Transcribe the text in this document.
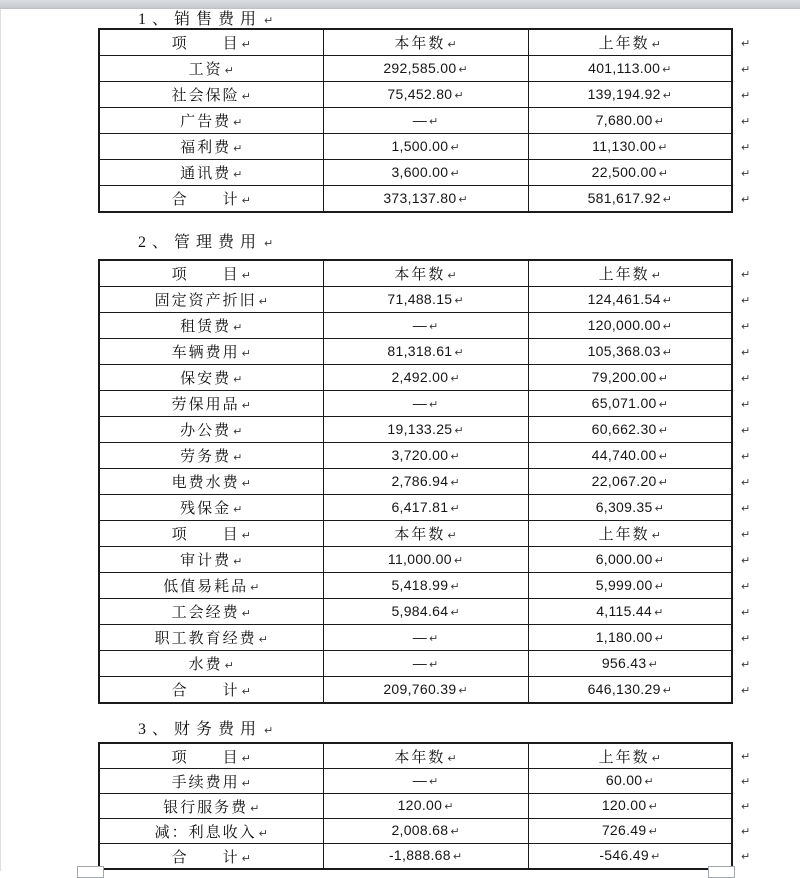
1、销售费用 ↵
项　　目 ↵	本年数 ↵	上年数 ↵
工资 ↵	292,585.00 ↵	401,113.00 ↵
社会保险 ↵	75,452.80 ↵	139,194.92 ↵
广告费 ↵	— ↵	7,680.00 ↵
福利费 ↵	1,500.00 ↵	11,130.00 ↵
通讯费 ↵	3,600.00 ↵	22,500.00 ↵
合　　计 ↵	373,137.80 ↵	581,617.92 ↵
↵
↵
↵
↵
↵
↵
↵
2、管理费用 ↵
项　　目 ↵	本年数 ↵	上年数 ↵
固定资产折旧 ↵	71,488.15 ↵	124,461.54 ↵
租赁费 ↵	— ↵	120,000.00 ↵
车辆费用 ↵	81,318.61 ↵	105,368.03 ↵
保安费 ↵	2,492.00 ↵	79,200.00 ↵
劳保用品 ↵	— ↵	65,071.00 ↵
办公费 ↵	19,133.25 ↵	60,662.30 ↵
劳务费 ↵	3,720.00 ↵	44,740.00 ↵
电费水费 ↵	2,786.94 ↵	22,067.20 ↵
残保金 ↵	6,417.81 ↵	6,309.35 ↵
项　　目 ↵	本年数 ↵	上年数 ↵
审计费 ↵	11,000.00 ↵	6,000.00 ↵
低值易耗品 ↵	5,418.99 ↵	5,999.00 ↵
工会经费 ↵	5,984.64 ↵	4,115.44 ↵
职工教育经费 ↵	— ↵	1,180.00 ↵
水费 ↵	— ↵	956.43 ↵
合　　计 ↵	209,760.39 ↵	646,130.29 ↵
↵
↵
↵
↵
↵
↵
↵
↵
↵
↵
↵
↵
↵
↵
↵
↵
↵
3、财务费用 ↵
项　　目 ↵	本年数 ↵	上年数 ↵
手续费用 ↵	— ↵	60.00 ↵
银行服务费 ↵	120.00 ↵	120.00 ↵
减：利息收入 ↵	2,008.68 ↵	726.49 ↵
合　　计 ↵	-1,888.68 ↵	-546.49 ↵
↵
↵
↵
↵
↵
